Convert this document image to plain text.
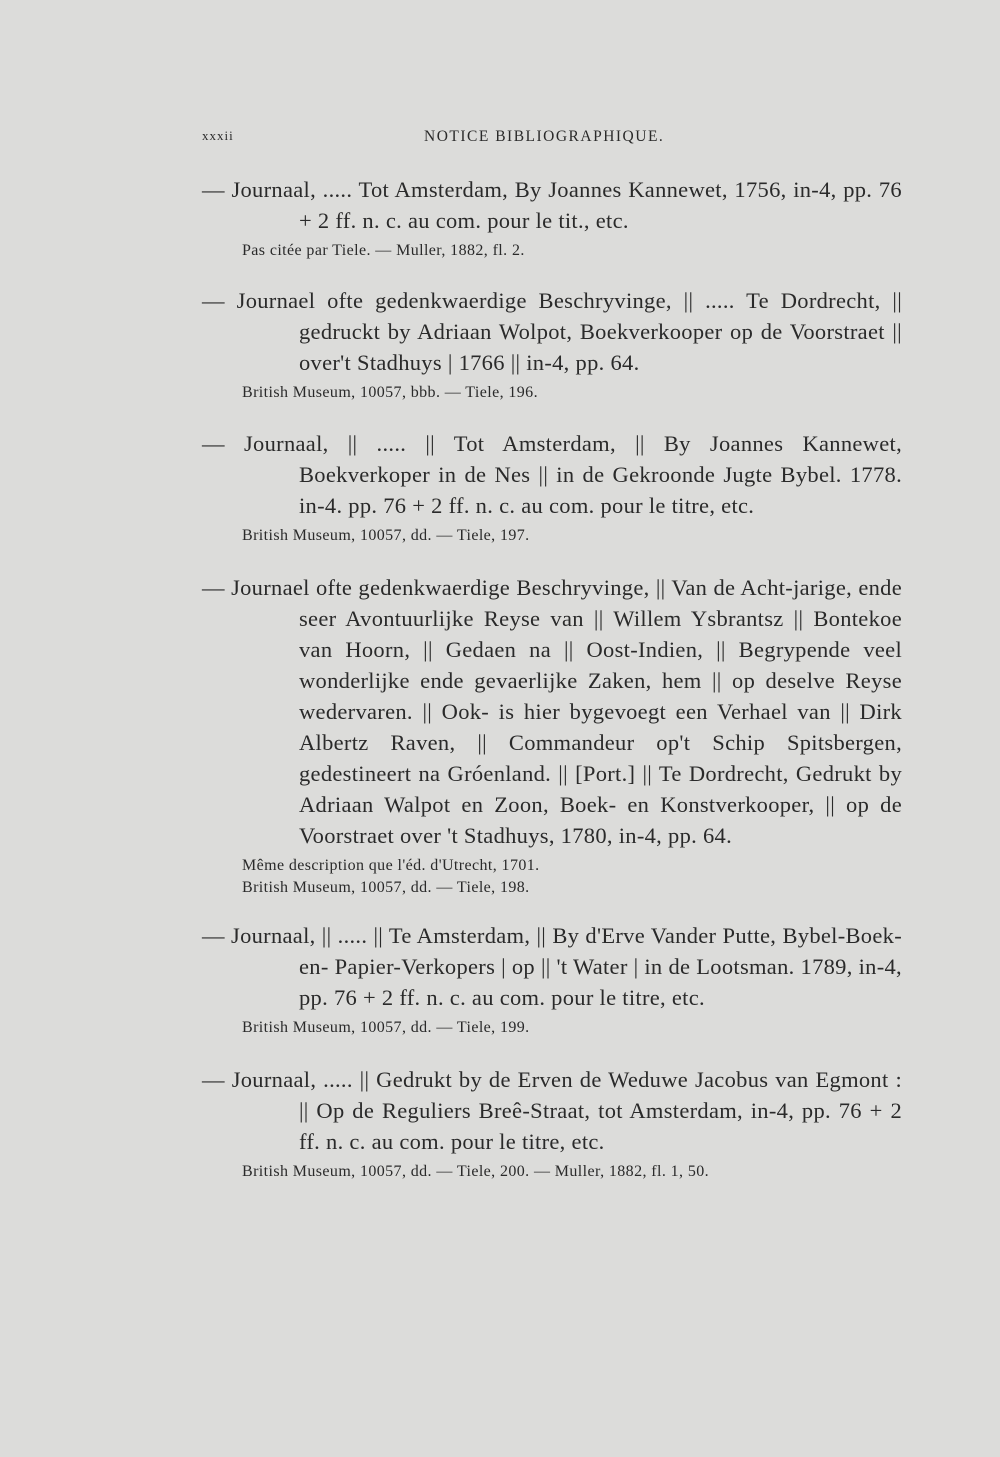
xxxii	NOTICE BIBLIOGRAPHIQUE.

— Journaal, ..... Tot Amsterdam, By Joannes Kannewet, 1756, in-4, pp. 76 + 2 ff. n. c. au com. pour le tit., etc.

Pas citée par Tiele. — Muller, 1882, fl. 2.

— Journael ofte gedenkwaerdige Beschryvinge, || ..... Te Dordrecht, || gedruckt by Adriaan Wolpot, Boekverkooper op de Voorstraet || over't Stadhuys | 1766 || in-4, pp. 64.

British Museum, 10057, bbb. — Tiele, 196.

— Journaal, || ..... || Tot Amsterdam, || By Joannes Kannewet, Boekverkoper in de Nes || in de Gekroonde Jugte Bybel. 1778. in-4. pp. 76 + 2 ff. n. c. au com. pour le titre, etc.

British Museum, 10057, dd. — Tiele, 197.

— Journael ofte gedenkwaerdige Beschryvinge, || Van de Acht-jarige, ende seer Avontuurlijke Reyse van || Willem Ysbrantsz || Bontekoe van Hoorn, || Gedaen na || Oost-Indien, || Begrypende veel wonderlijke ende gevaerlijke Zaken, hem || op deselve Reyse wedervaren. || Ook- is hier bygevoegt een Verhael van || Dirk Albertz Raven, || Commandeur op't Schip Spitsbergen, gedestineert na Gróenland. || [Port.] || Te Dordrecht, Gedrukt by Adriaan Walpot en Zoon, Boek- en Konstverkooper, || op de Voorstraet over 't Stadhuys, 1780, in-4, pp. 64.

Même description que l'éd. d'Utrecht, 1701.
British Museum, 10057, dd. — Tiele, 198.

— Journaal, || ..... || Te Amsterdam, || By d'Erve Vander Putte, Bybel-Boek- en- Papier-Verkopers | op || 't Water | in de Lootsman. 1789, in-4, pp. 76 + 2 ff. n. c. au com. pour le titre, etc.

British Museum, 10057, dd. — Tiele, 199.

— Journaal, ..... || Gedrukt by de Erven de Weduwe Jacobus van Egmont : || Op de Reguliers Breê-Straat, tot Amsterdam, in-4, pp. 76 + 2 ff. n. c. au com. pour le titre, etc.

British Museum, 10057, dd. — Tiele, 200. — Muller, 1882, fl. 1, 50.
